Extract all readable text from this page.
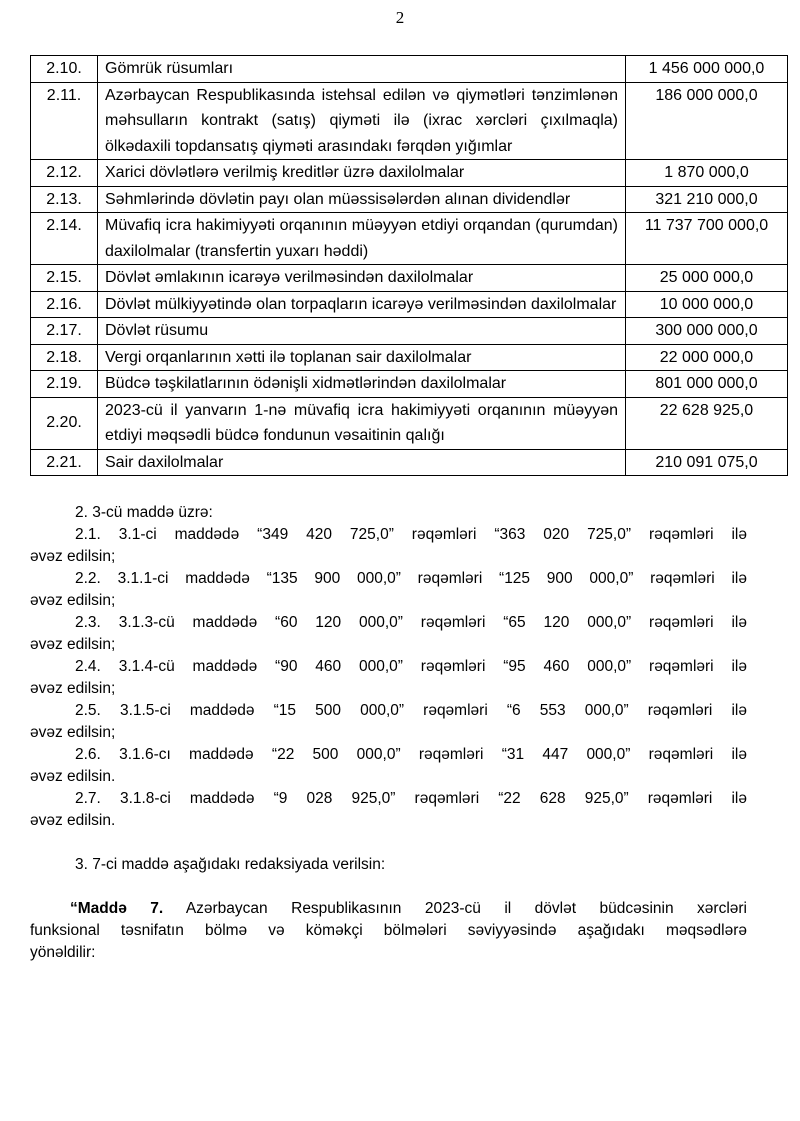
2
2.10.	Gömrük rüsumları	1 456 000 000,0
2.11.	Azərbaycan Respublikasında istehsal edilən və qiymətləri tənzimlənən məhsulların kontrakt (satış) qiyməti ilə (ixrac xərcləri çıxılmaqla) ölkədaxili topdansatış qiyməti arasındakı fərqdən yığımlar	186 000 000,0
2.12.	Xarici dövlətlərə verilmiş kreditlər üzrə daxilolmalar	1 870 000,0
2.13.	Səhmlərində dövlətin payı olan müəssisələrdən alınan dividendlər	321 210 000,0
2.14.	Müvafiq icra hakimiyyəti orqanının müəyyən etdiyi orqandan (qurumdan) daxilolmalar (transfertin yuxarı həddi)	11 737 700 000,0
2.15.	Dövlət əmlakının icarəyə verilməsindən daxilolmalar	25 000 000,0
2.16.	Dövlət mülkiyyətində olan torpaqların icarəyə verilməsindən daxilolmalar	10 000 000,0
2.17.	Dövlət rüsumu	300 000 000,0
2.18.	Vergi orqanlarının xətti ilə toplanan sair daxilolmalar	22 000 000,0
2.19.	Büdcə təşkilatlarının ödənişli xidmətlərindən daxilolmalar	801 000 000,0
2.20.	2023-cü il yanvarın 1-nə müvafiq icra hakimiyyəti orqanının müəyyən etdiyi məqsədli büdcə fondunun vəsaitinin qalığı	22 628 925,0
2.21.	Sair daxilolmalar	210 091 075,0

2. 3-cü maddə üzrə:

2.1. 3.1-ci maddədə “349 420 725,0” rəqəmləri “363 020 725,0” rəqəmləri ilə
əvəz edilsin;

2.2. 3.1.1-ci maddədə “135 900 000,0” rəqəmləri “125 900 000,0” rəqəmləri ilə
əvəz edilsin;

2.3. 3.1.3-cü maddədə “60 120 000,0” rəqəmləri “65 120 000,0” rəqəmləri ilə
əvəz edilsin;

2.4. 3.1.4-cü maddədə “90 460 000,0” rəqəmləri “95 460 000,0” rəqəmləri ilə
əvəz edilsin;

2.5. 3.1.5-ci maddədə “15 500 000,0” rəqəmləri “6 553 000,0” rəqəmləri ilə
əvəz edilsin;

2.6. 3.1.6-cı maddədə “22 500 000,0” rəqəmləri “31 447 000,0” rəqəmləri ilə
əvəz edilsin.

2.7. 3.1.8-ci maddədə “9 028 925,0” rəqəmləri “22 628 925,0” rəqəmləri ilə
əvəz edilsin.

3. 7-ci maddə aşağıdakı redaksiyada verilsin:

“Maddə 7. Azərbaycan Respublikasının 2023-cü il dövlət büdcəsinin xərcləri
funksional təsnifatın bölmə və köməkçi bölmələri səviyyəsində aşağıdakı məqsədlərə
yönəldilir:
